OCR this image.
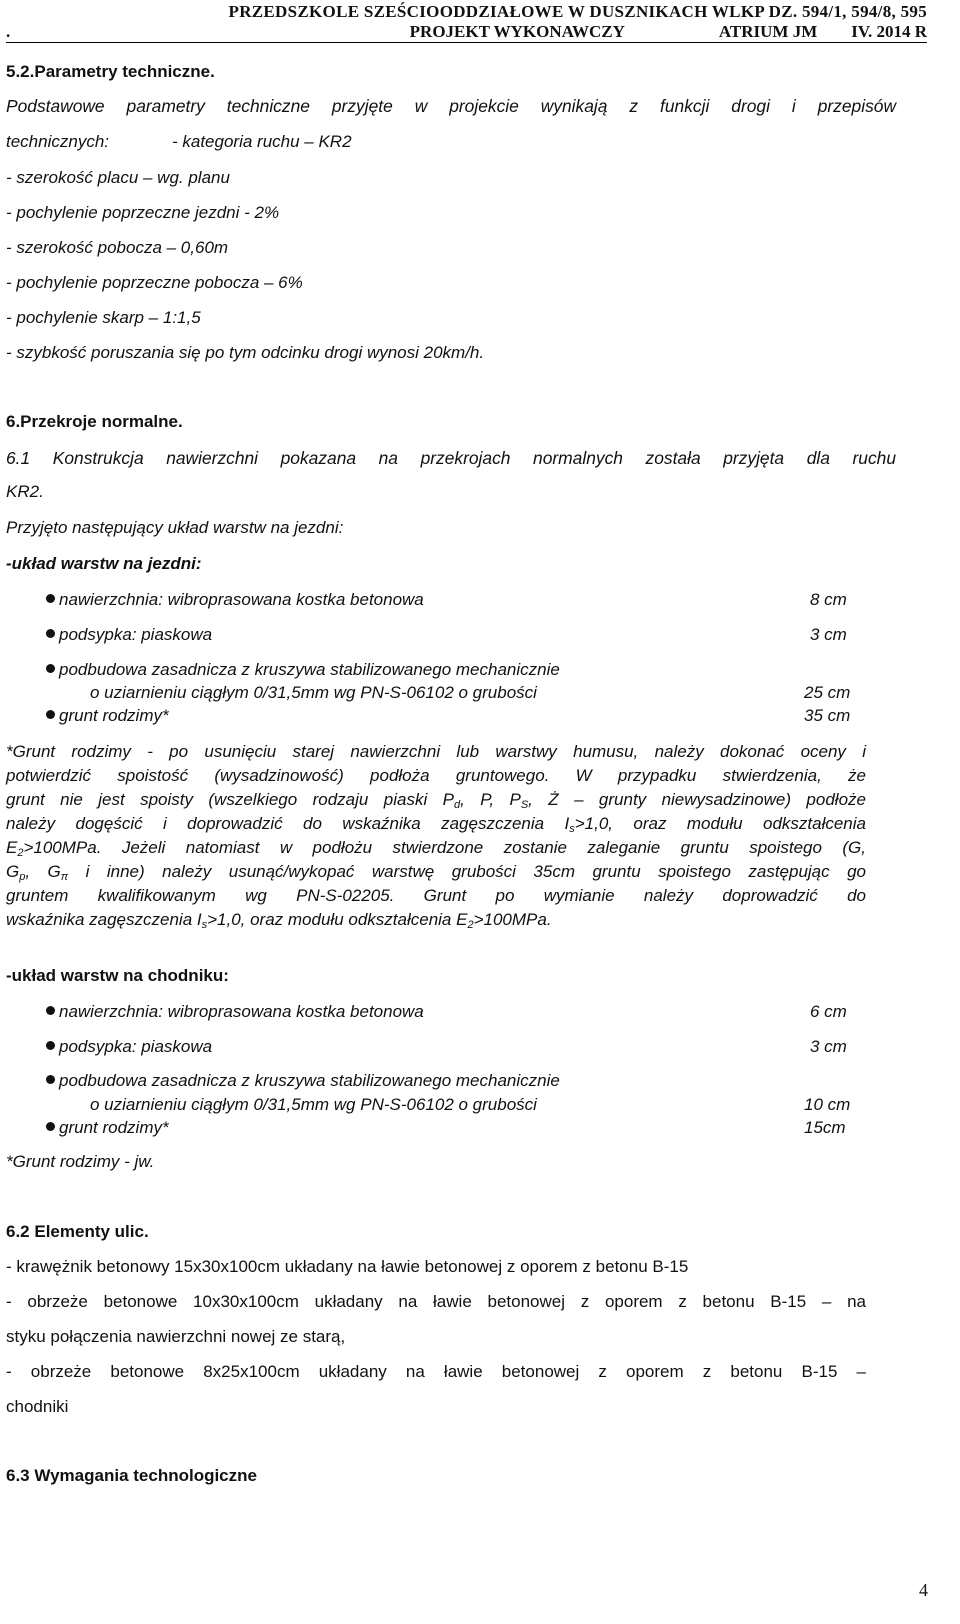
PRZEDSZKOLE SZEŚCIOODDZIAŁOWE W DUSZNIKACH WLKP DZ. 594/1, 594/8, 595
.	PROJEKT WYKONAWCZY	ATRIUM JM IV. 2014 R
5.2.Parametry techniczne.
Podstawowe parametry techniczne przyjęte w projekcie wynikają z funkcji drogi i przepisów
technicznych:	- kategoria ruchu – KR2
- szerokość placu – wg. planu
- pochylenie poprzeczne jezdni - 2%
- szerokość pobocza – 0,60m
- pochylenie poprzeczne pobocza – 6%
- pochylenie skarp – 1:1,5
- szybkość poruszania się po tym odcinku drogi wynosi 20km/h.
6.Przekroje normalne.
6.1 Konstrukcja nawierzchni pokazana na przekrojach normalnych została przyjęta dla ruchu
KR2.
Przyjęto następujący układ warstw na jezdni:
-układ warstw na jezdni:
nawierzchnia: wibroprasowana kostka betonowa	8 cm
podsypka: piaskowa	3 cm
podbudowa zasadnicza z kruszywa stabilizowanego mechanicznie
o uziarnieniu ciągłym 0/31,5mm wg PN-S-06102 o grubości	25 cm
grunt rodzimy*	35 cm
*Grunt rodzimy - po usunięciu starej nawierzchni lub warstwy humusu, należy dokonać oceny i
potwierdzić spoistość (wysadzinowość) podłoża gruntowego. W przypadku stwierdzenia, że
grunt nie jest spoisty (wszelkiego rodzaju piaski $P_d$, P, $P_S$, Ż – grunty niewysadzinowe) podłoże
należy dogęścić i doprowadzić do wskaźnika zagęszczenia $I_s>1,0$, oraz modułu odkształcenia
$E_2>100MPa$. Jeżeli natomiast w podłożu stwierdzone zostanie zaleganie gruntu spoistego (G,
$G_p$, $G_\pi$ i inne) należy usunąć/wykopać warstwę grubości 35cm gruntu spoistego zastępując go
gruntem kwalifikowanym wg PN-S-02205. Grunt po wymianie należy doprowadzić do
wskaźnika zagęszczenia $I_s>1,0$, oraz modułu odkształcenia $E_2>100MPa$.
-układ warstw na chodniku:
nawierzchnia: wibroprasowana kostka betonowa	6 cm
podsypka: piaskowa	3 cm
podbudowa zasadnicza z kruszywa stabilizowanego mechanicznie
o uziarnieniu ciągłym 0/31,5mm wg PN-S-06102 o grubości	10 cm
grunt rodzimy*	15cm
*Grunt rodzimy - jw.
6.2 Elementy ulic.
- krawężnik betonowy 15x30x100cm układany na ławie betonowej z oporem z betonu B-15
- obrzeże betonowe 10x30x100cm układany na ławie betonowej z oporem z betonu B-15 – na
styku połączenia nawierzchni nowej ze starą,
- obrzeże betonowe 8x25x100cm układany na ławie betonowej z oporem z betonu B-15 –
chodniki
6.3 Wymagania technologiczne
4
